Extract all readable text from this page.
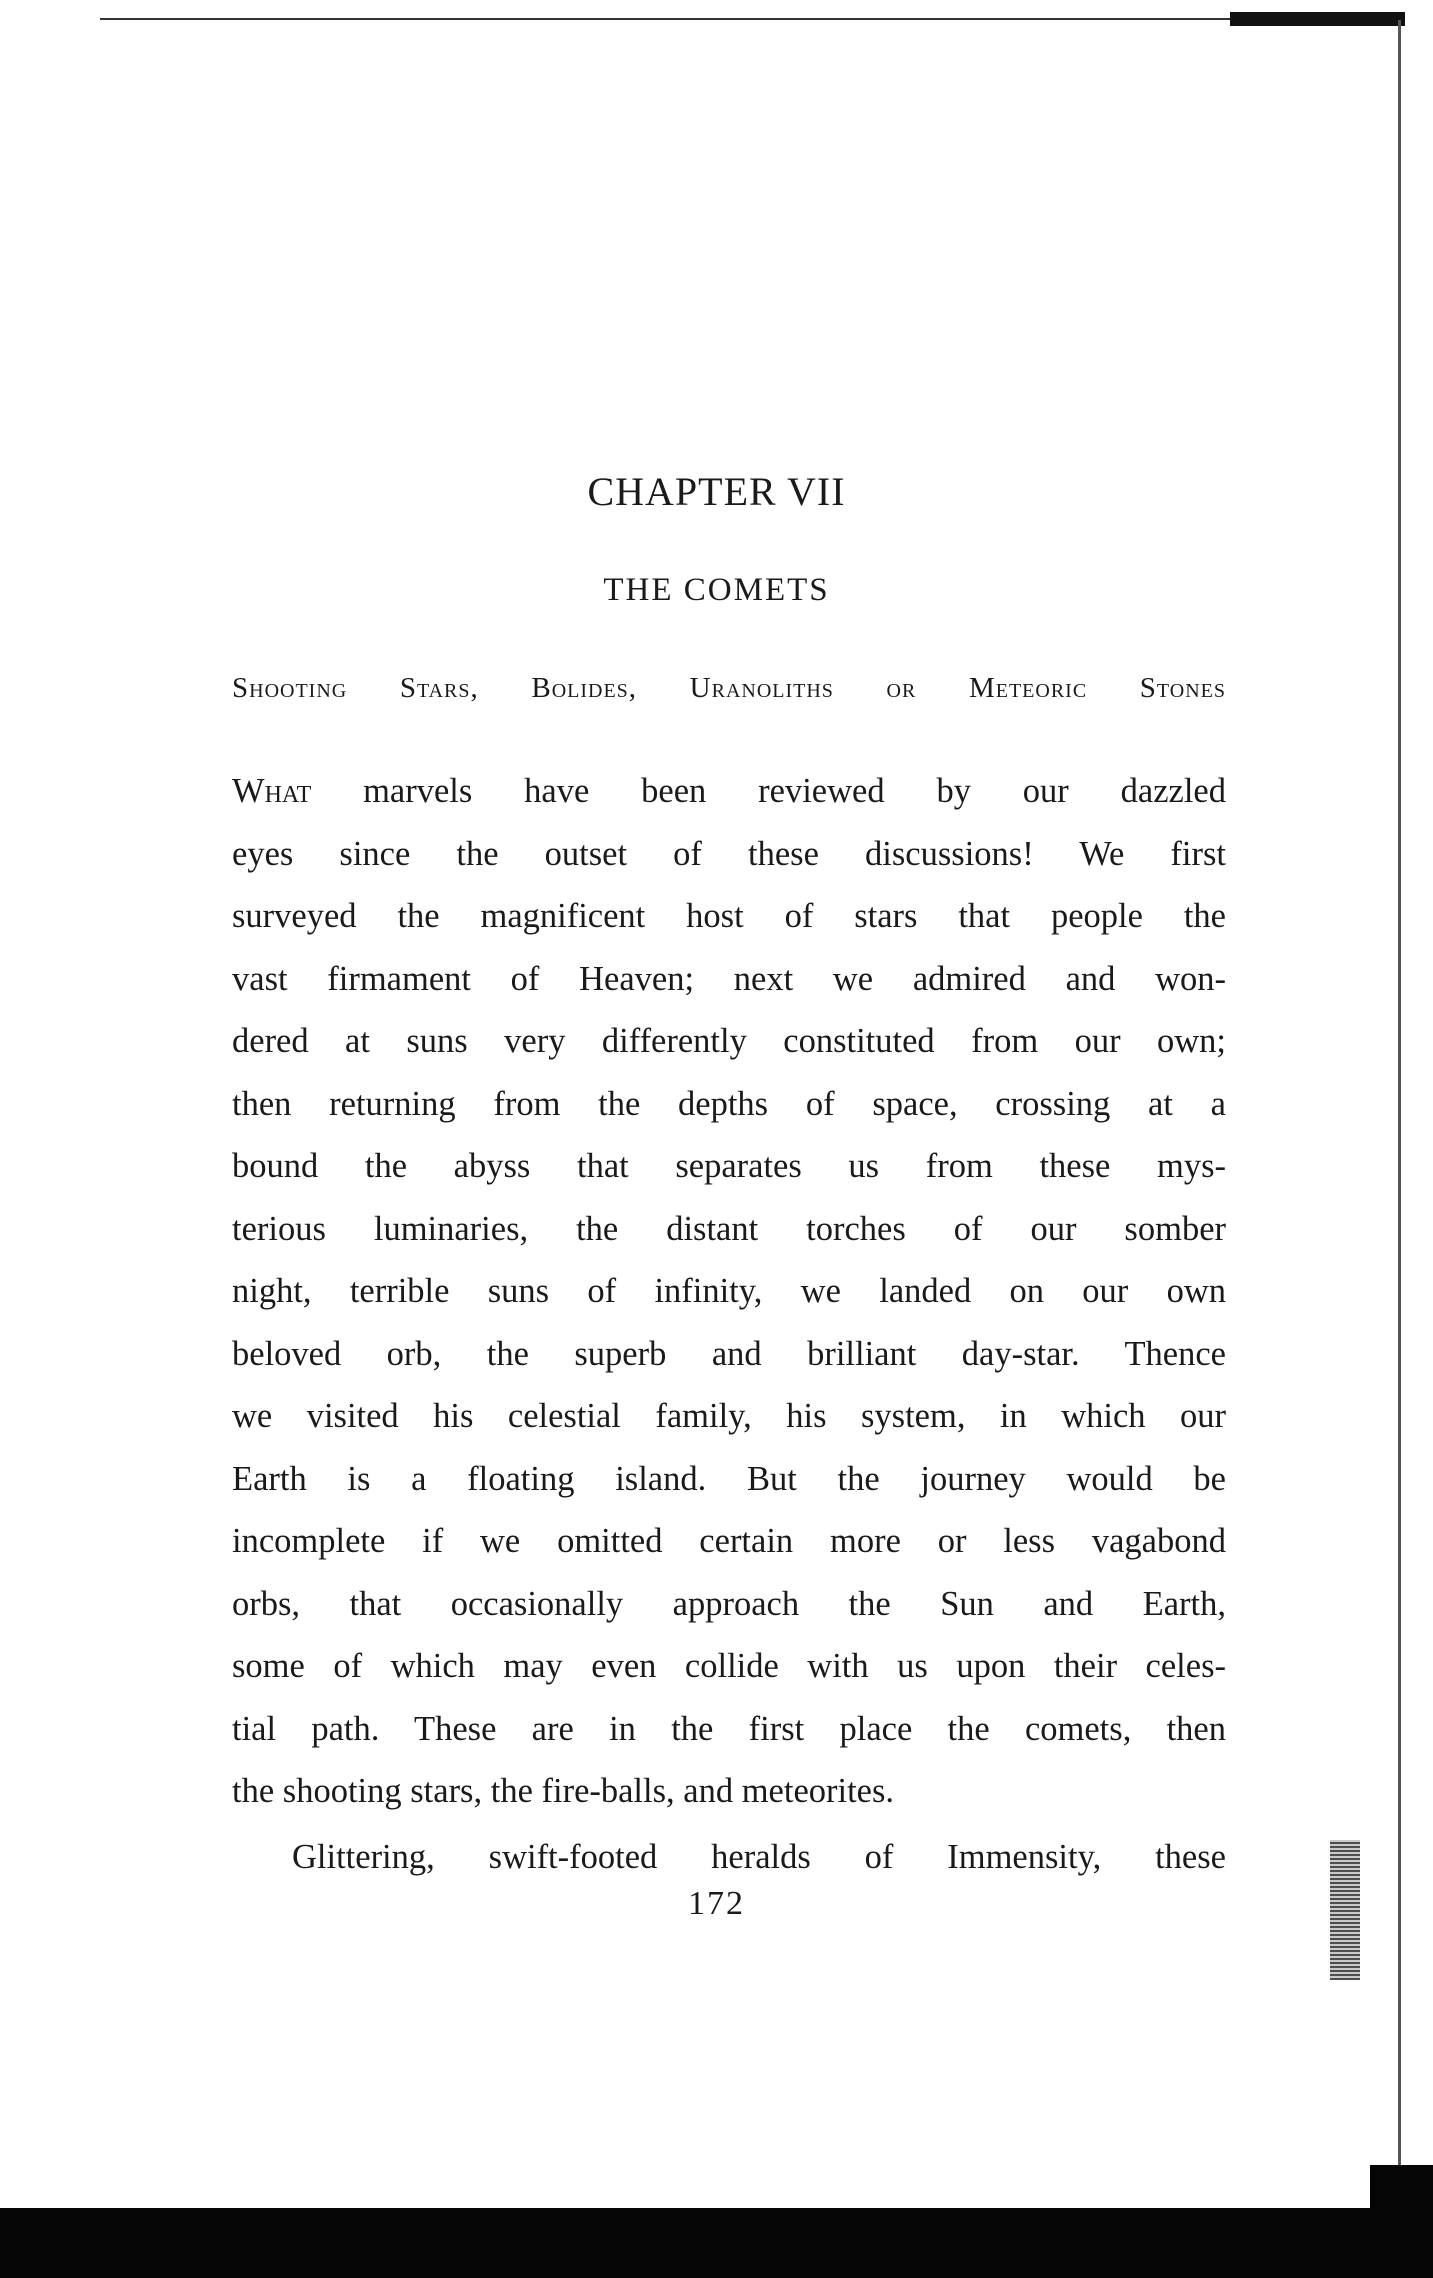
CHAPTER VII
THE COMETS
Shooting Stars, Bolides, Uranoliths or Meteoric Stones
What marvels have been reviewed by our dazzled
eyes since the outset of these discussions! We first
surveyed the magnificent host of stars that people the
vast firmament of Heaven; next we admired and won-
dered at suns very differently constituted from our own;
then returning from the depths of space, crossing at a
bound the abyss that separates us from these mys-
terious luminaries, the distant torches of our somber
night, terrible suns of infinity, we landed on our own
beloved orb, the superb and brilliant day-star. Thence
we visited his celestial family, his system, in which our
Earth is a floating island. But the journey would be
incomplete if we omitted certain more or less vagabond
orbs, that occasionally approach the Sun and Earth,
some of which may even collide with us upon their celes-
tial path. These are in the first place the comets, then
the shooting stars, the fire-balls, and meteorites.
Glittering, swift-footed heralds of Immensity, these
172
